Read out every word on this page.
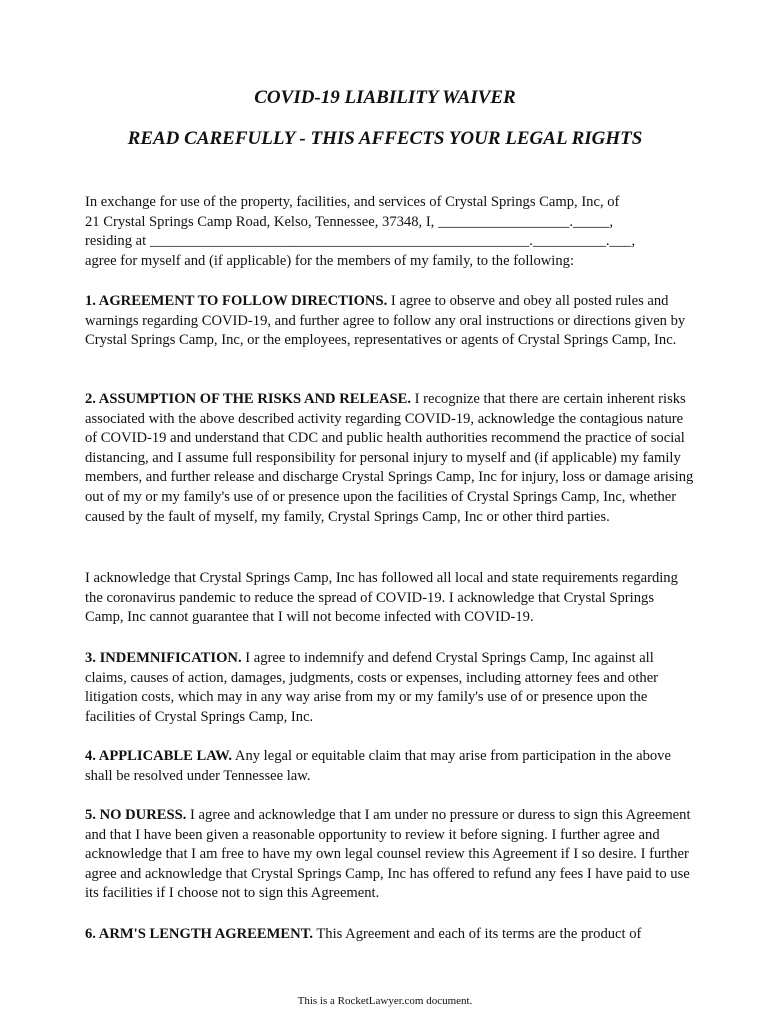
COVID-19 LIABILITY WAIVER
READ CAREFULLY - THIS AFFECTS YOUR LEGAL RIGHTS
In exchange for use of the property, facilities, and services of Crystal Springs Camp, Inc, of
21 Crystal Springs Camp Road, Kelso, Tennessee, 37348, I, __________________._____,
residing at ____________________________________________________.__________.___,
agree for myself and (if applicable) for the members of my family, to the following:

1. AGREEMENT TO FOLLOW DIRECTIONS. I agree to observe and obey all posted rules and warnings regarding COVID-19, and further agree to follow any oral instructions or directions given by Crystal Springs Camp, Inc, or the employees, representatives or agents of Crystal Springs Camp, Inc.

2. ASSUMPTION OF THE RISKS AND RELEASE. I recognize that there are certain inherent risks associated with the above described activity regarding COVID-19, acknowledge the contagious nature of COVID-19 and understand that CDC and public health authorities recommend the practice of social distancing, and I assume full responsibility for personal injury to myself and (if applicable) my family members, and further release and discharge Crystal Springs Camp, Inc for injury, loss or damage arising out of my or my family's use of or presence upon the facilities of Crystal Springs Camp, Inc, whether caused by the fault of myself, my family, Crystal Springs Camp, Inc or other third parties.

I acknowledge that Crystal Springs Camp, Inc has followed all local and state requirements regarding the coronavirus pandemic to reduce the spread of COVID-19. I acknowledge that Crystal Springs Camp, Inc cannot guarantee that I will not become infected with COVID-19.

3. INDEMNIFICATION. I agree to indemnify and defend Crystal Springs Camp, Inc against all claims, causes of action, damages, judgments, costs or expenses, including attorney fees and other litigation costs, which may in any way arise from my or my family's use of or presence upon the facilities of Crystal Springs Camp, Inc.

4. APPLICABLE LAW. Any legal or equitable claim that may arise from participation in the above shall be resolved under Tennessee law.

5. NO DURESS. I agree and acknowledge that I am under no pressure or duress to sign this Agreement and that I have been given a reasonable opportunity to review it before signing. I further agree and acknowledge that I am free to have my own legal counsel review this Agreement if I so desire. I further agree and acknowledge that Crystal Springs Camp, Inc has offered to refund any fees I have paid to use its facilities if I choose not to sign this Agreement.

6. ARM'S LENGTH AGREEMENT. This Agreement and each of its terms are the product of

This is a RocketLawyer.com document.
